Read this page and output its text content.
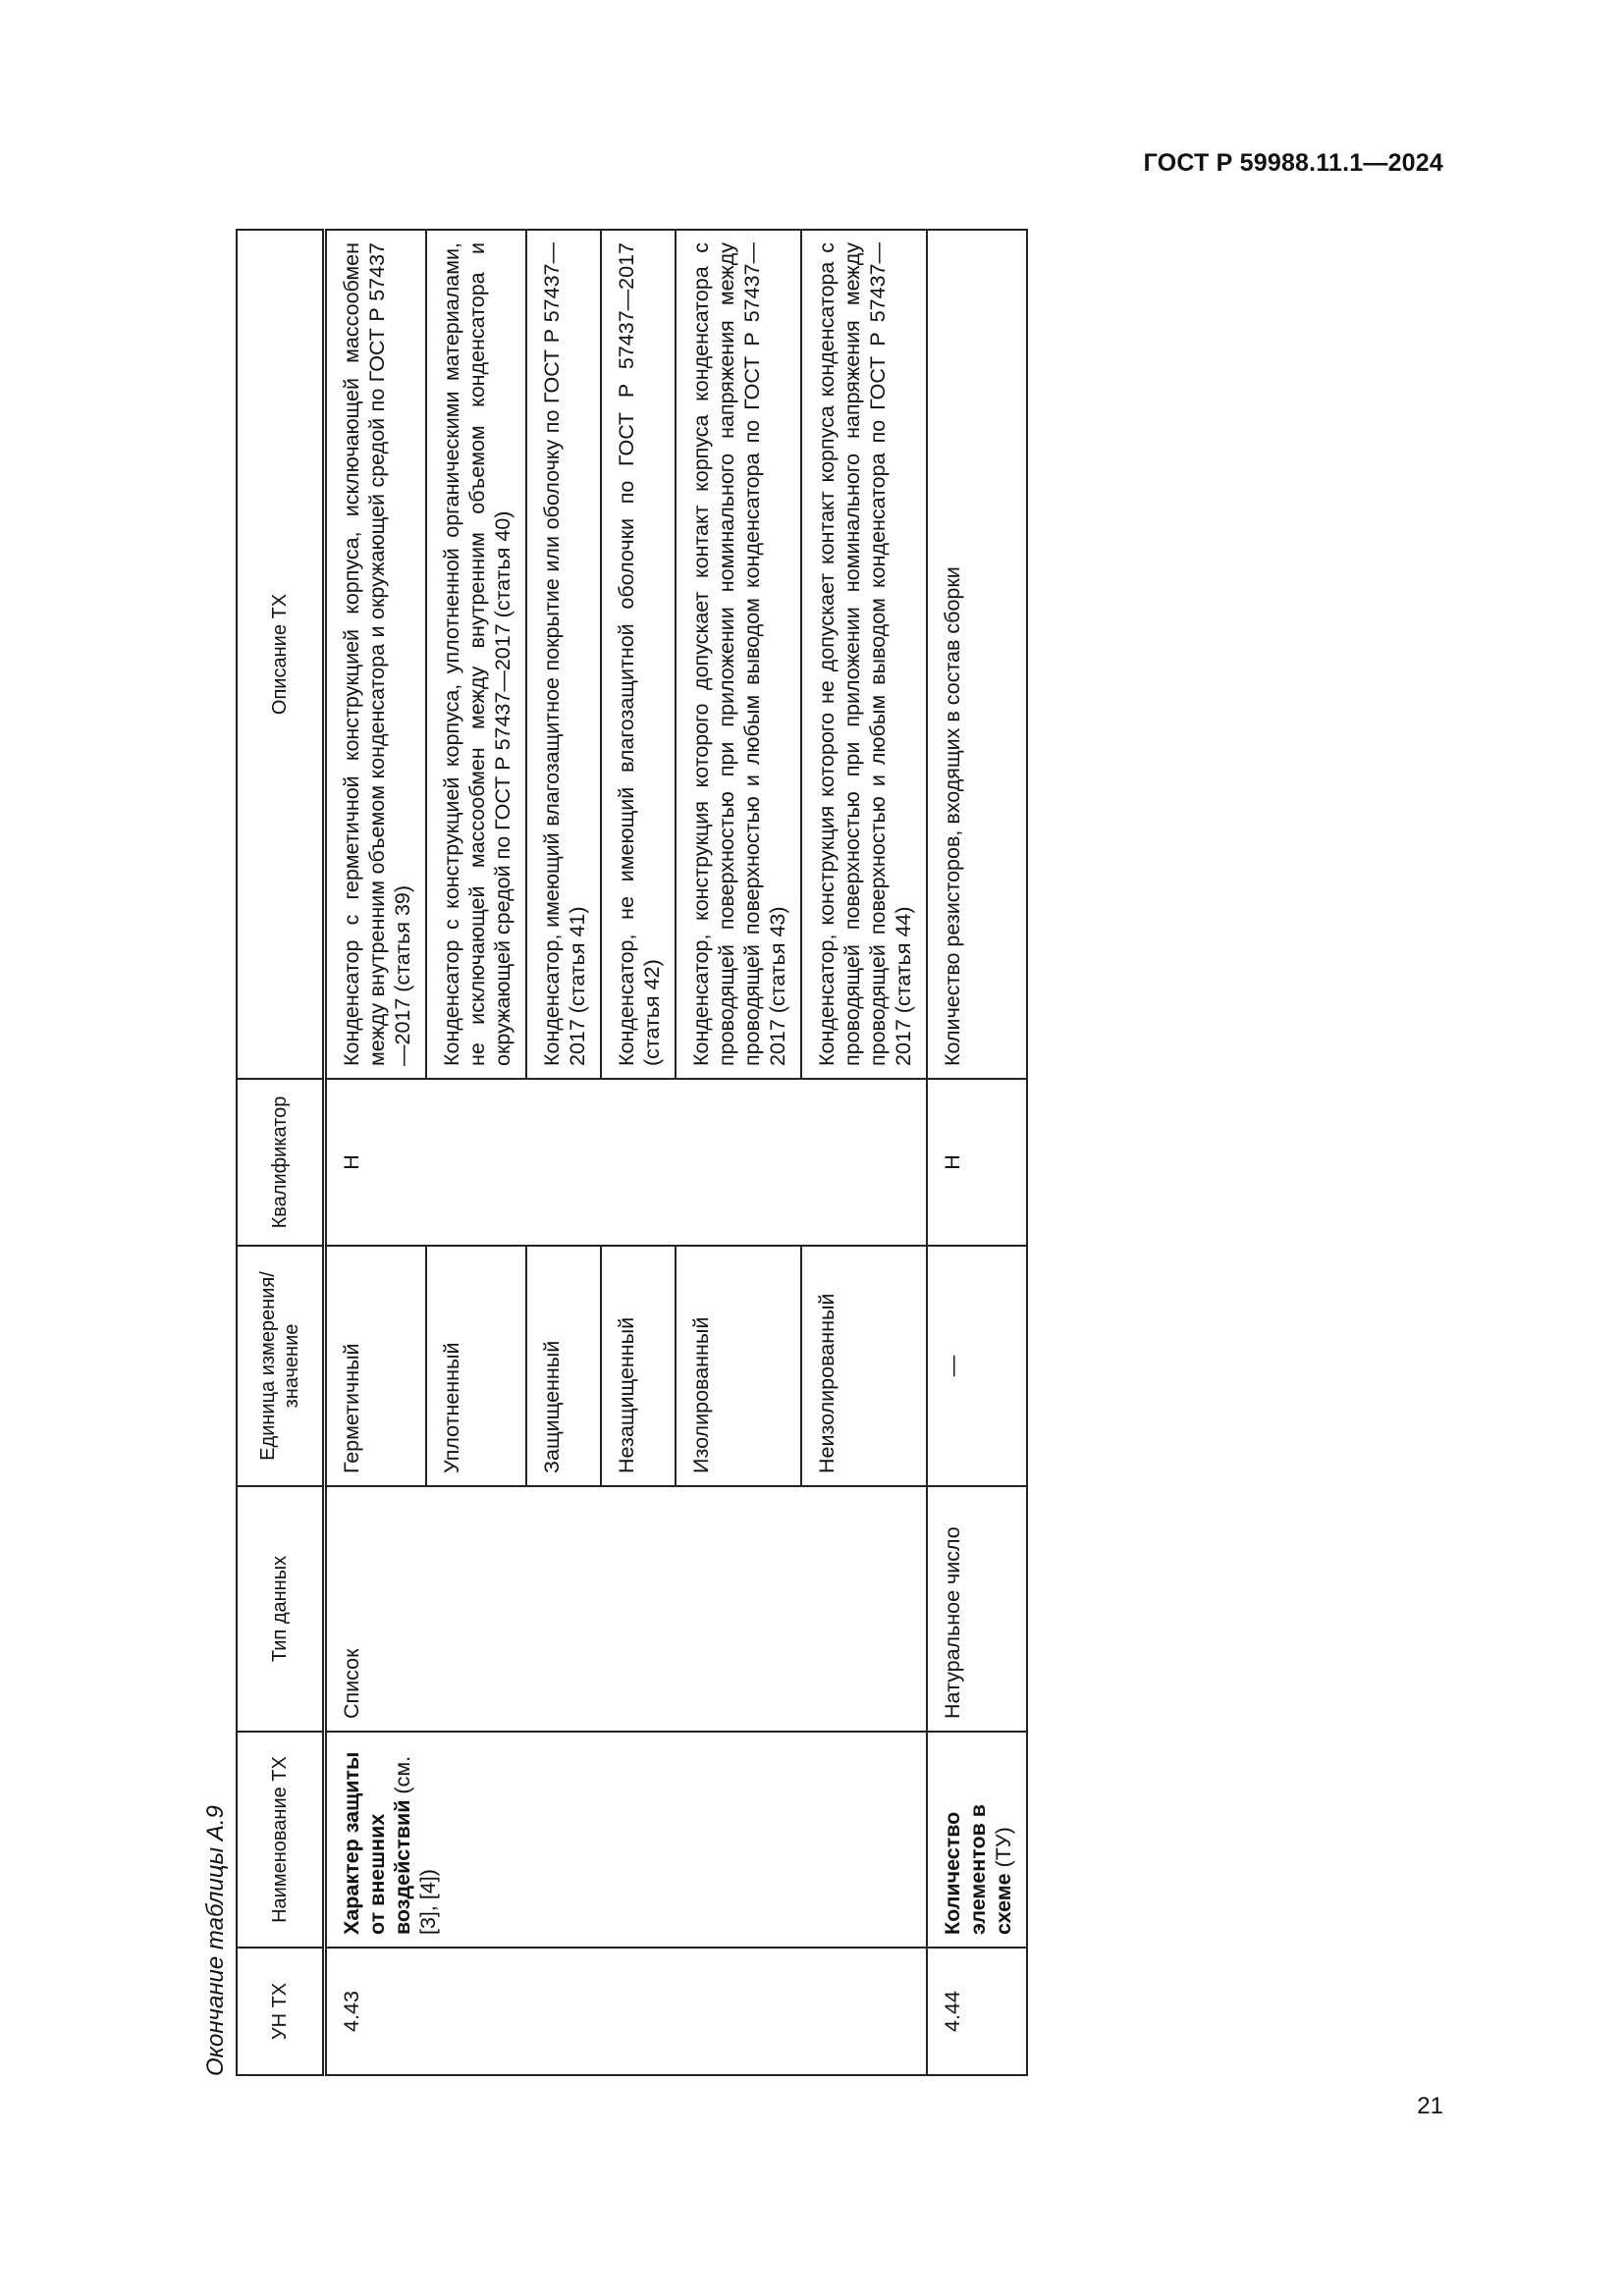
ГОСТ Р 59988.11.1—2024
Окончание таблицы А.9	УН ТХ	Наименование ТХ	Тип данных	Единица измерения/ значение	Квалификатор	Описание ТХ
4.43	Характер защиты от внешних воздействий (см. [3], [4])	Список	Герметичный	Н	Конденсатор с герметичной конструкцией корпуса, исключающей массообмен между внутренним объемом конденсатора и окружающей средой по ГОСТ Р 57437—2017 (статья 39)
			Уплотненный		Конденсатор с конструкцией корпуса, уплотненной органическими материалами, не исключающей массообмен между внутренним объемом конденсатора и окружающей средой по ГОСТ Р 57437—2017 (статья 40)
			Защищенный		Конденсатор, имеющий влагозащитное покрытие или оболочку по ГОСТ Р 57437—2017 (статья 41)
			Незащищенный		Конденсатор, не имеющий влагозащитной оболочки по ГОСТ Р 57437—2017 (статья 42)
			Изолированный		Конденсатор, конструкция которого допускает контакт корпуса конденсатора с проводящей поверхностью при приложении номинального напряжения между проводящей поверхностью и любым выводом конденсатора по ГОСТ Р 57437—2017 (статья 43)
			Неизолированный		Конденсатор, конструкция которого не допускает контакт корпуса конденсатора с проводящей поверхностью при приложении номинального напряжения между проводящей поверхностью и любым выводом конденсатора по ГОСТ Р 57437—2017 (статья 44)
4.44	Количество элементов в схеме (ТУ)	Натуральное число	—	Н	Количество резисторов, входящих в состав сборки
21
